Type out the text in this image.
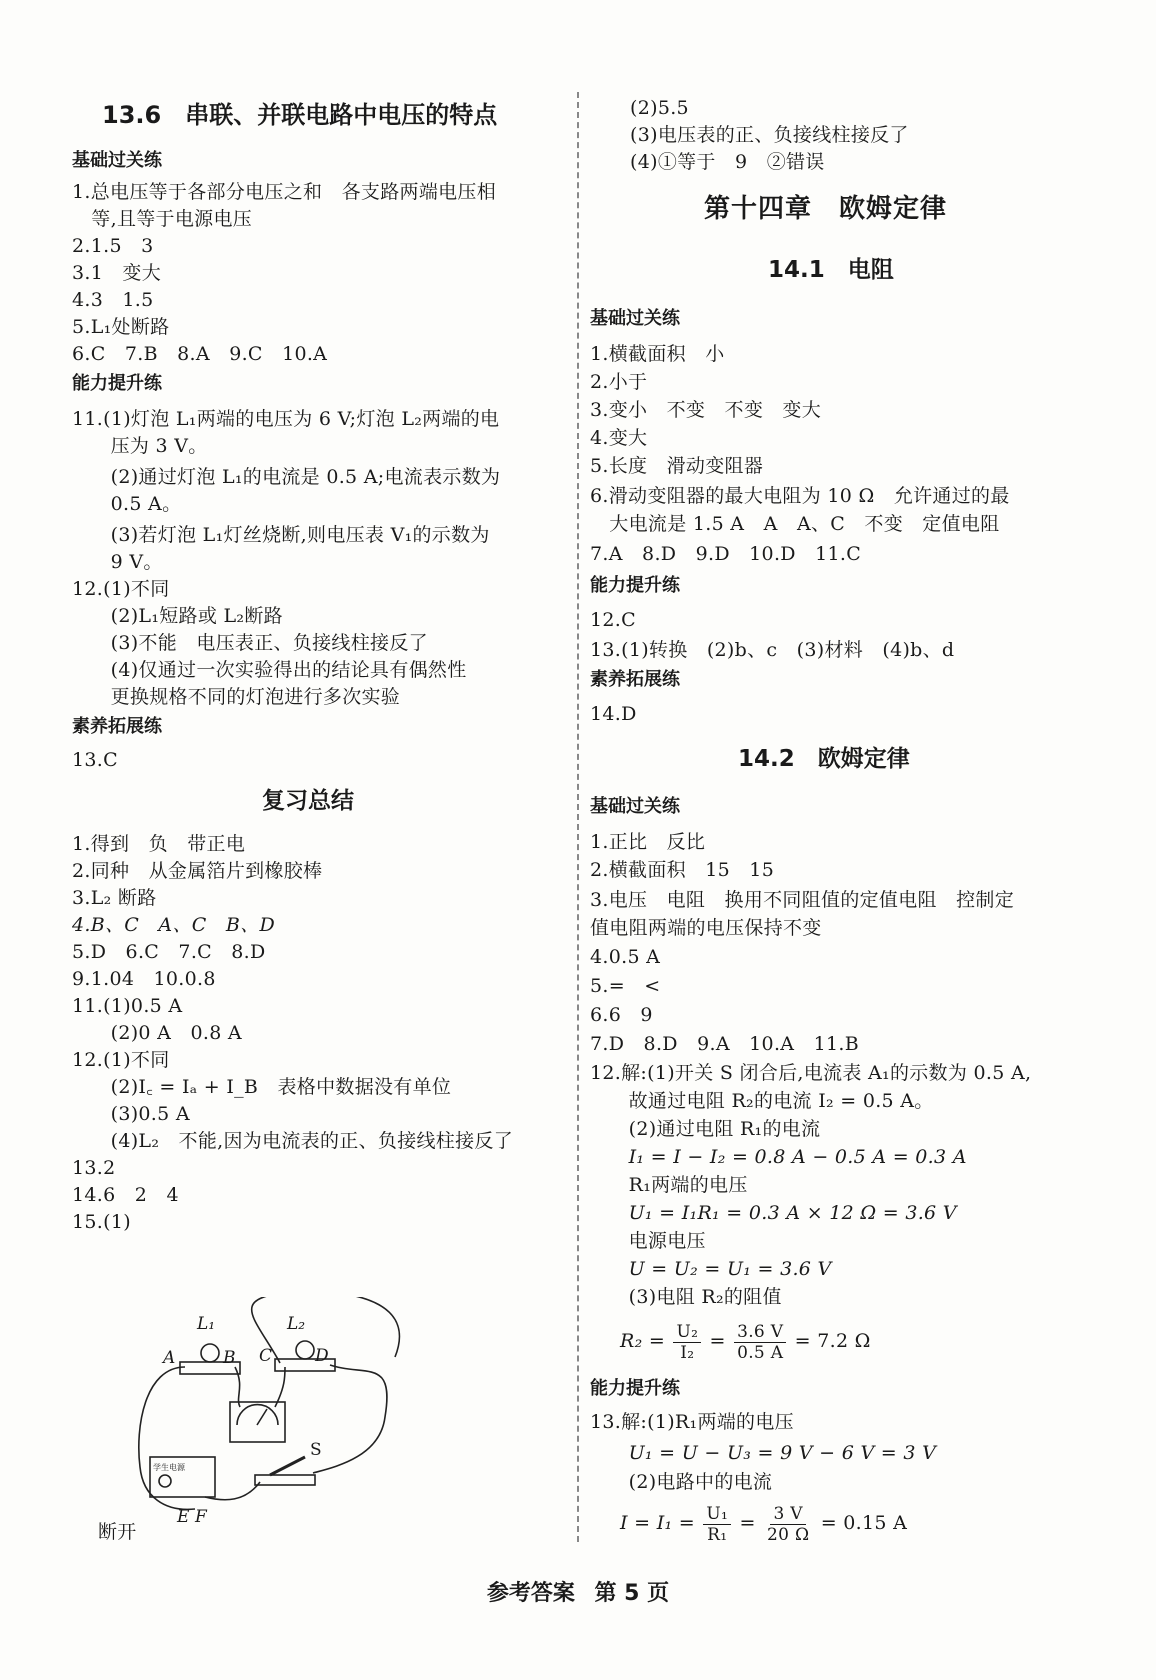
13.6　串联、并联电路中电压的特点
基础过关练
1.总电压等于各部分电压之和　各支路两端电压相
　等,且等于电源电压
2.1.5　3
3.1　变大
4.3　1.5
5.L₁处断路
6.C　7.B　8.A　9.C　10.A
能力提升练
11.(1)灯泡 L₁两端的电压为 6 V;灯泡 L₂两端的电
　　压为 3 V。
　　(2)通过灯泡 L₁的电流是 0.5 A;电流表示数为
　　0.5 A。
　　(3)若灯泡 L₁灯丝烧断,则电压表 V₁的示数为
　　9 V。
12.(1)不同
　　(2)L₁短路或 L₂断路
　　(3)不能　电压表正、负接线柱接反了
　　(4)仅通过一次实验得出的结论具有偶然性
　　更换规格不同的灯泡进行多次实验
素养拓展练
13.C
复习总结
1.得到　负　带正电
2.同种　从金属箔片到橡胶棒
3.L₂ 断路
4.B、C　A、C　B、D
5.D　6.C　7.C　8.D
9.1.04　10.0.8
11.(1)0.5 A
　　(2)0 A　0.8 A
12.(1)不同
　　(2)I꜀ = Iₐ + I_B　表格中数据没有单位
　　(3)0.5 A
　　(4)L₂　不能,因为电流表的正、负接线柱接反了
13.2
14.6　2　4
15.(1)
断开
L₁
A	B
L₂
C	D
S
E F
学生电源
(2)5.5
(3)电压表的正、负接线柱接反了
(4)①等于　9　②错误
第十四章　欧姆定律
14.1　电阻
基础过关练
1.横截面积　小
2.小于
3.变小　不变　不变　变大
4.变大
5.长度　滑动变阻器
6.滑动变阻器的最大电阻为 10 Ω　允许通过的最
　大电流是 1.5 A　A　A、C　不变　定值电阻
7.A　8.D　9.D　10.D　11.C
能力提升练
12.C
13.(1)转换　(2)b、c　(3)材料　(4)b、d
素养拓展练
14.D
14.2　欧姆定律
基础过关练
1.正比　反比
2.横截面积　15　15
3.电压　电阻　换用不同阻值的定值电阻　控制定
值电阻两端的电压保持不变
4.0.5 A
5.=　<
6.6　9
7.D　8.D　9.A　10.A　11.B
12.解:(1)开关 S 闭合后,电流表 A₁的示数为 0.5 A,
　　故通过电阻 R₂的电流 I₂ = 0.5 A。
　　(2)通过电阻 R₁的电流
　　I₁ = I − I₂ = 0.8 A − 0.5 A = 0.3 A
　　R₁两端的电压
　　U₁ = I₁R₁ = 0.3 A × 12 Ω = 3.6 V
　　电源电压
　　U = U₂ = U₁ = 3.6 V
　　(3)电阻 R₂的阻值
$R_2 = \frac{\text{U₂}}{\text{I₂}} = \frac{3.6 V}{0.5 A} = 7.2$ Ω
能力提升练
13.解:(1)R₁两端的电压
　　U₁ = U − U₃ = 9 V − 6 V = 3 V
　　(2)电路中的电流
$I = I_1 = \frac{\text{U₁}}{\text{R₁}} = \frac{3 V}{20 \Omega} = 0.15$ A
参考答案 第 5 页
